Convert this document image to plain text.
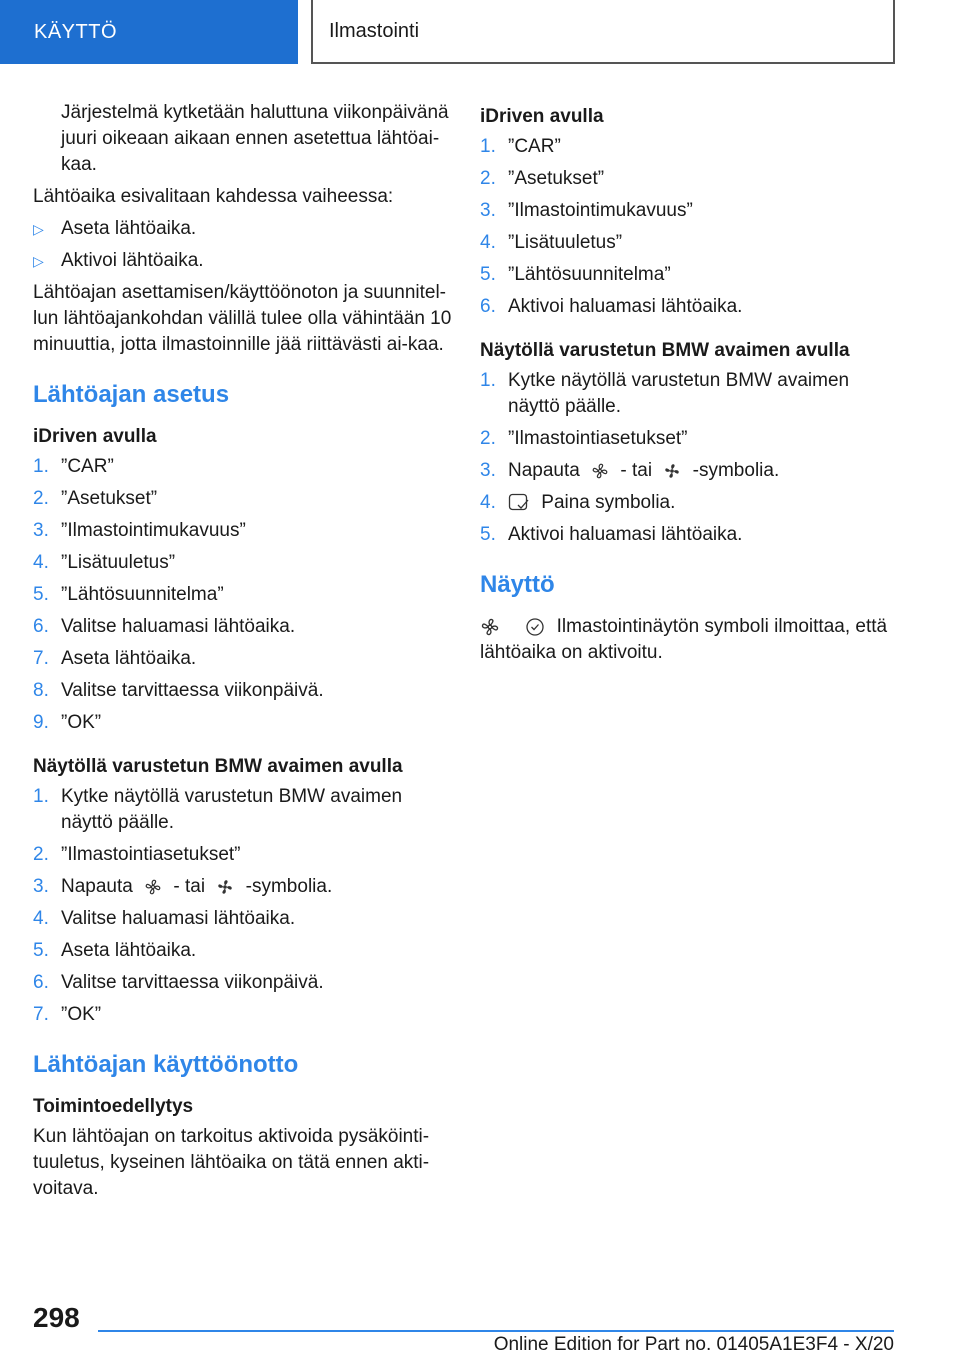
KÄYTTÖ	Ilmastointi

Järjestelmä kytketään haluttuna viikonpäivänä juuri oikeaan aikaan ennen asetettua lähtöai-kaa.

Lähtöaika esivalitaan kahdessa vaiheessa:

▷ Aseta lähtöaika.
▷ Aktivoi lähtöaika.

Lähtöajan asettamisen/käyttöönoton ja suunnitel-lun lähtöajankohdan välillä tulee olla vähintään 10 minuuttia, jotta ilmastoinnille jää riittävästi ai-kaa.

Lähtöajan asetus
iDriven avulla
1. ”CAR”
2. ”Asetukset”
3. ”Ilmastointimukavuus”
4. ”Lisätuuletus”
5. ”Lähtösuunnitelma”
6. Valitse haluamasi lähtöaika.
7. Aseta lähtöaika.
8. Valitse tarvittaessa viikonpäivä.
9. ”OK”
Näytöllä varustetun BMW avaimen avulla
1. Kytke näytöllä varustetun BMW avaimen näyttö päälle.
2. ”Ilmastointiasetukset”
3. Napauta - tai -symbolia.
4. Valitse haluamasi lähtöaika.
5. Aseta lähtöaika.
6. Valitse tarvittaessa viikonpäivä.
7. ”OK”
Lähtöajan käyttöönotto
Toimintoedellytys

Kun lähtöajan on tarkoitus aktivoida pysäköinti-tuuletus, kyseinen lähtöaika on tätä ennen akti-voitava.

iDriven avulla
1. ”CAR”
2. ”Asetukset”
3. ”Ilmastointimukavuus”
4. ”Lisätuuletus”
5. ”Lähtösuunnitelma”
6. Aktivoi haluamasi lähtöaika.
Näytöllä varustetun BMW avaimen avulla
1. Kytke näytöllä varustetun BMW avaimen näyttö päälle.
2. ”Ilmastointiasetukset”
3. Napauta - tai -symbolia.
4.	Paina symbolia.
5. Aktivoi haluamasi lähtöaika.
Näyttö

Ilmastointinäytön symboli ilmoittaa, että lähtöaika on aktivoitu.

298
Online Edition for Part no. 01405A1E3F4 - X/20
